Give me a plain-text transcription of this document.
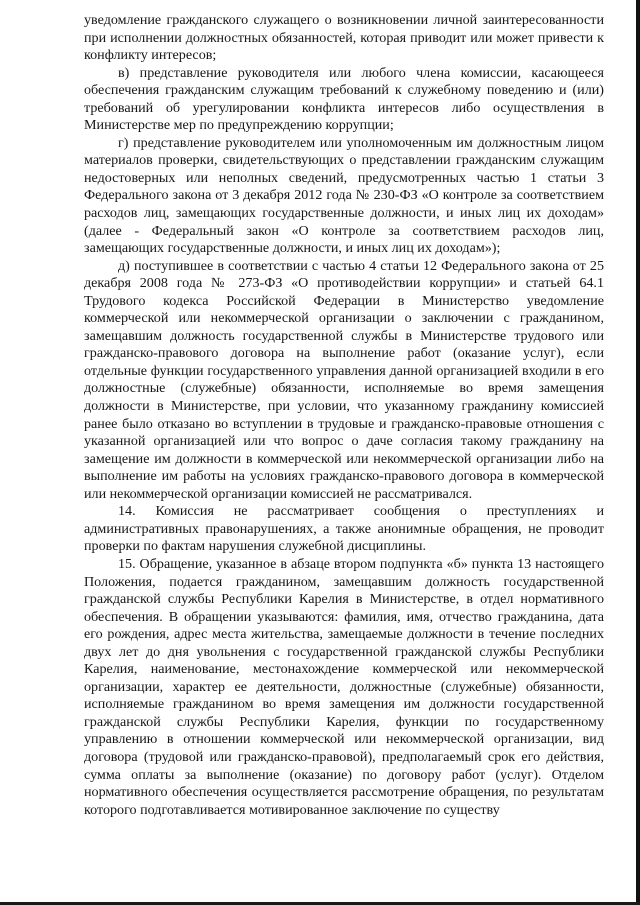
уведомление гражданского служащего о возникновении личной заинтересованности при исполнении должностных обязанностей, которая приводит или может привести к конфликту интересов;

в) представление руководителя или любого члена комиссии, касающееся обеспечения гражданским служащим требований к служебному поведению и (или) требований об урегулировании конфликта интересов либо осуществления в Министерстве мер по предупреждению коррупции;

г) представление руководителем или уполномоченным им должностным лицом материалов проверки, свидетельствующих о представлении гражданским служащим недостоверных или неполных сведений, предусмотренных частью 1 статьи 3 Федерального закона от 3 декабря 2012 года № 230-ФЗ «О контроле за соответствием расходов лиц, замещающих государственные должности, и иных лиц их доходам» (далее - Федеральный закон «О контроле за соответствием расходов лиц, замещающих государственные должности, и иных лиц их доходам»);

д) поступившее в соответствии с частью 4 статьи 12 Федерального закона от 25 декабря 2008 года № 273-ФЗ «О противодействии коррупции» и статьей 64.1 Трудового кодекса Российской Федерации в Министерство уведомление коммерческой или некоммерческой организации о заключении с гражданином, замещавшим должность государственной службы в Министерстве трудового или гражданско-правового договора на выполнение работ (оказание услуг), если отдельные функции государственного управления данной организацией входили в его должностные (служебные) обязанности, исполняемые во время замещения должности в Министерстве, при условии, что указанному гражданину комиссией ранее было отказано во вступлении в трудовые и гражданско-правовые отношения с указанной организацией или что вопрос о даче согласия такому гражданину на замещение им должности в коммерческой или некоммерческой организации либо на выполнение им работы на условиях гражданско-правового договора в коммерческой или некоммерческой организации комиссией не рассматривался.

14. Комиссия не рассматривает сообщения о преступлениях и административных правонарушениях, а также анонимные обращения, не проводит проверки по фактам нарушения служебной дисциплины.

15. Обращение, указанное в абзаце втором подпункта «б» пункта 13 настоящего Положения, подается гражданином, замещавшим должность государственной гражданской службы Республики Карелия в Министерстве, в отдел нормативного обеспечения. В обращении указываются: фамилия, имя, отчество гражданина, дата его рождения, адрес места жительства, замещаемые должности в течение последних двух лет до дня увольнения с государственной гражданской службы Республики Карелия, наименование, местонахождение коммерческой или некоммерческой организации, характер ее деятельности, должностные (служебные) обязанности, исполняемые гражданином во время замещения им должности государственной гражданской службы Республики Карелия, функции по государственному управлению в отношении коммерческой или некоммерческой организации, вид договора (трудовой или гражданско-правовой), предполагаемый срок его действия, сумма оплаты за выполнение (оказание) по договору работ (услуг). Отделом нормативного обеспечения осуществляется рассмотрение обращения, по результатам которого подготавливается мотивированное заключение по существу
